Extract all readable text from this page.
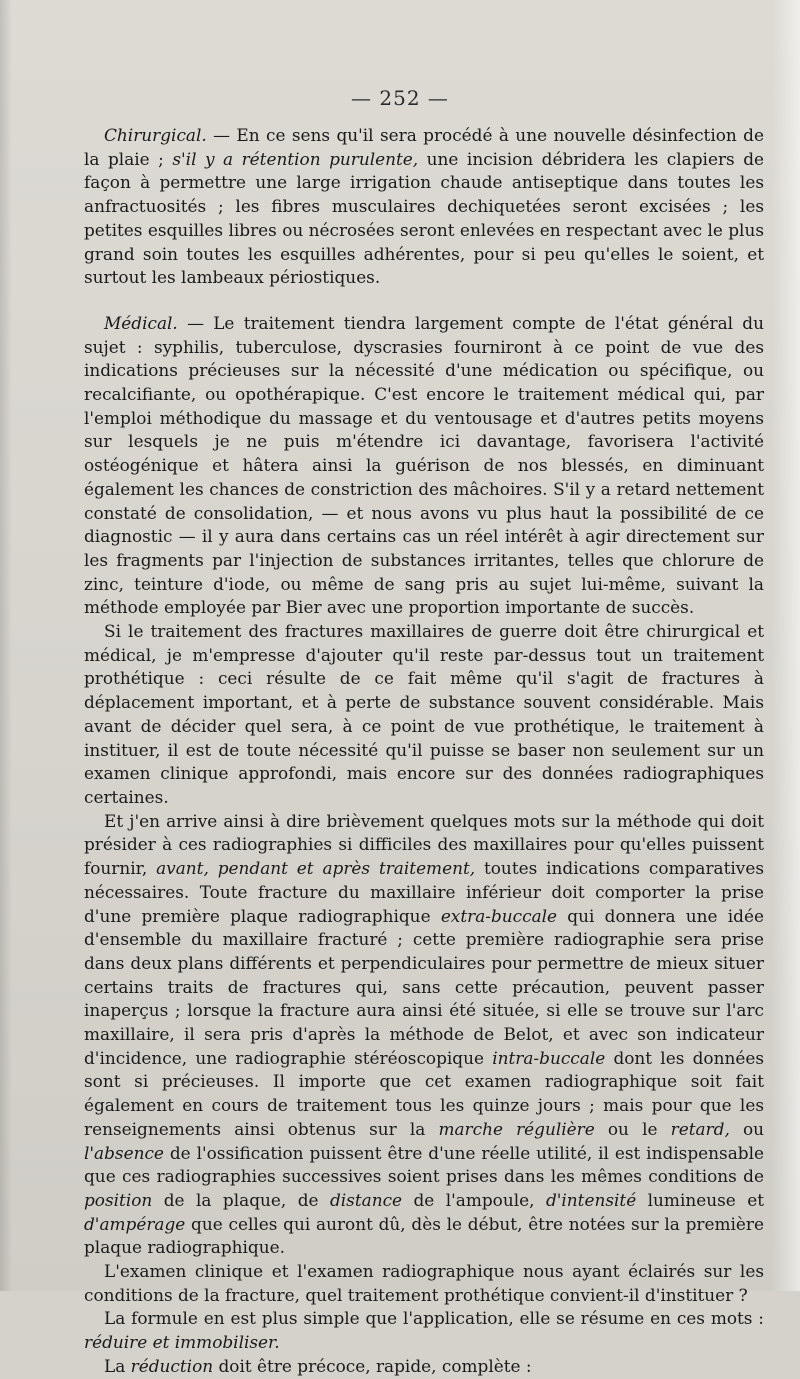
— 252 —

Chirurgical. — En ce sens qu'il sera procédé à une nouvelle désinfection de la plaie ; s'il y a rétention purulente, une incision débridera les clapiers de façon à permettre une large irrigation chaude antiseptique dans toutes les anfractuosités ; les fibres musculaires dechiquetées seront excisées ; les petites esquilles libres ou nécrosées seront enlevées en respectant avec le plus grand soin toutes les esquilles adhérentes, pour si peu qu'elles le soient, et surtout les lambeaux périostiques.

Médical. — Le traitement tiendra largement compte de l'état général du sujet : syphilis, tuberculose, dyscrasies fourniront à ce point de vue des indications précieuses sur la nécessité d'une médication ou spécifique, ou recalcifiante, ou opothérapique. C'est encore le traitement médical qui, par l'emploi méthodique du massage et du ventousage et d'autres petits moyens sur lesquels je ne puis m'étendre ici davantage, favorisera l'activité ostéogénique et hâtera ainsi la guérison de nos blessés, en diminuant également les chances de constriction des mâchoires. S'il y a retard nettement constaté de consolidation, — et nous avons vu plus haut la possibilité de ce diagnostic — il y aura dans certains cas un réel intérêt à agir directement sur les fragments par l'injection de substances irritantes, telles que chlorure de zinc, teinture d'iode, ou même de sang pris au sujet lui-même, suivant la méthode employée par Bier avec une proportion importante de succès.

Si le traitement des fractures maxillaires de guerre doit être chirurgical et médical, je m'empresse d'ajouter qu'il reste par-dessus tout un traitement prothétique : ceci résulte de ce fait même qu'il s'agit de fractures à déplacement important, et à perte de substance souvent considérable. Mais avant de décider quel sera, à ce point de vue prothétique, le traitement à instituer, il est de toute nécessité qu'il puisse se baser non seulement sur un examen clinique approfondi, mais encore sur des données radiographiques certaines.

Et j'en arrive ainsi à dire brièvement quelques mots sur la méthode qui doit présider à ces radiographies si difficiles des maxillaires pour qu'elles puissent fournir, avant, pendant et après traitement, toutes indications comparatives nécessaires. Toute fracture du maxillaire inférieur doit comporter la prise d'une première plaque radiographique extra-buccale qui donnera une idée d'ensemble du maxillaire fracturé ; cette première radiographie sera prise dans deux plans différents et perpendiculaires pour permettre de mieux situer certains traits de fractures qui, sans cette précaution, peuvent passer inaperçus ; lorsque la fracture aura ainsi été située, si elle se trouve sur l'arc maxillaire, il sera pris d'après la méthode de Belot, et avec son indicateur d'incidence, une radiographie stéréoscopique intra-buccale dont les données sont si précieuses. Il importe que cet examen radiographique soit fait également en cours de traitement tous les quinze jours ; mais pour que les renseignements ainsi obtenus sur la marche régulière ou le retard, ou l'absence de l'ossification puissent être d'une réelle utilité, il est indispensable que ces radiographies successives soient prises dans les mêmes conditions de position de la plaque, de distance de l'ampoule, d'intensité lumineuse et d'ampérage que celles qui auront dû, dès le début, être notées sur la première plaque radiographique.

L'examen clinique et l'examen radiographique nous ayant éclairés sur les conditions de la fracture, quel traitement prothétique convient-il d'instituer ?

La formule en est plus simple que l'application, elle se résume en ces mots : réduire et immobiliser.

La réduction doit être précoce, rapide, complète :
